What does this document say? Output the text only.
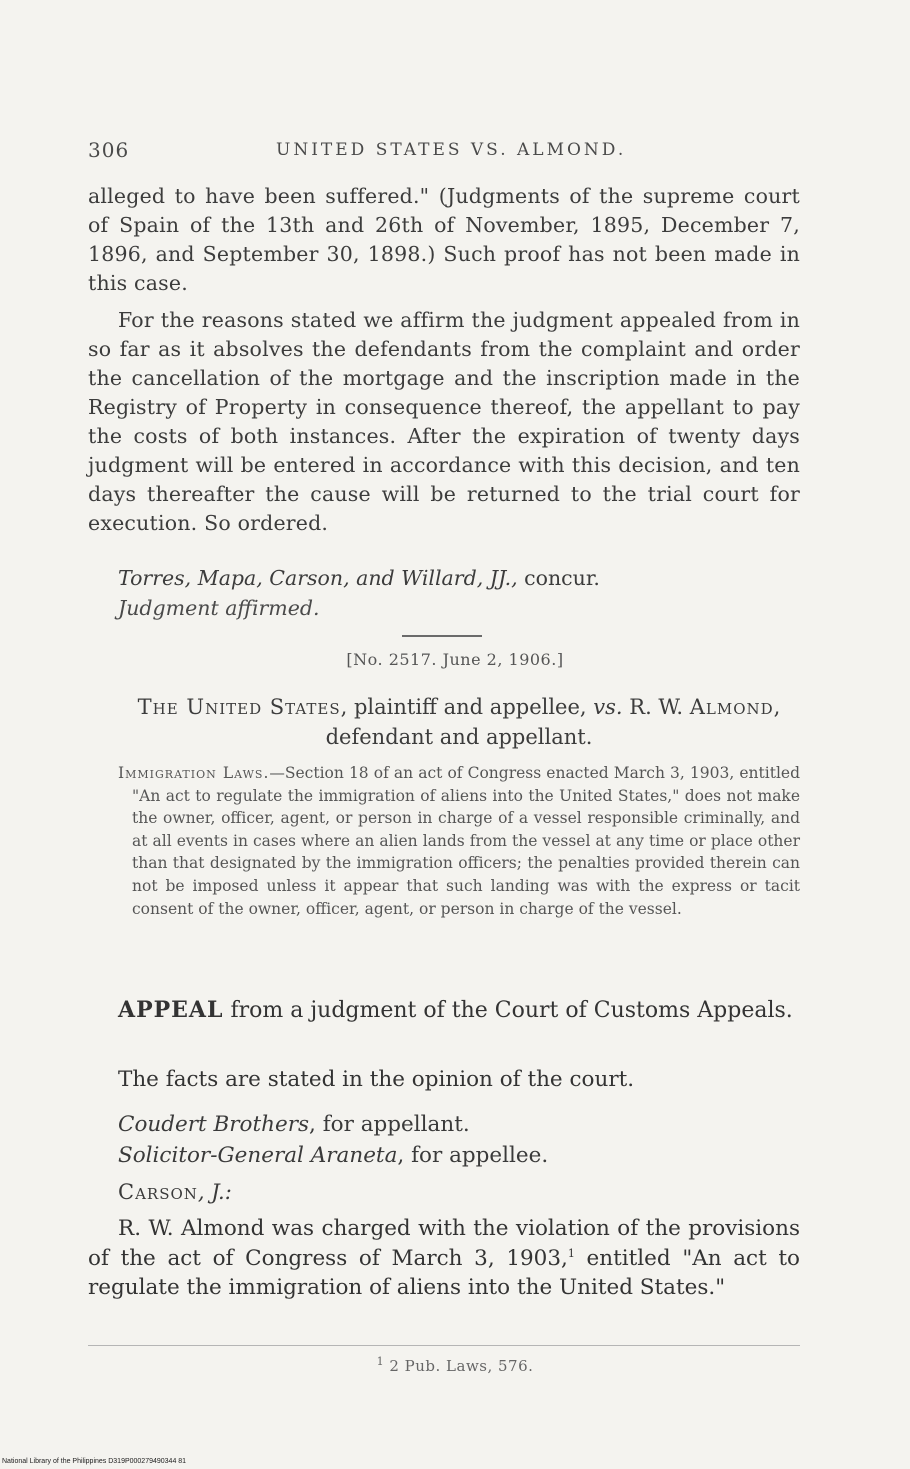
306	UNITED STATES VS. ALMOND.
alleged to have been suffered." (Judgments of the supreme court of Spain of the 13th and 26th of November, 1895, December 7, 1896, and September 30, 1898.) Such proof has not been made in this case.
For the reasons stated we affirm the judgment appealed from in so far as it absolves the defendants from the complaint and order the cancellation of the mortgage and the inscription made in the Registry of Property in consequence thereof, the appellant to pay the costs of both instances. After the expiration of twenty days judgment will be entered in accordance with this decision, and ten days thereafter the cause will be returned to the trial court for execution. So ordered.
Torres, Mapa, Carson, and Willard, JJ., concur.
Judgment affirmed.
[No. 2517. June 2, 1906.]
The United States, plaintiff and appellee, vs. R. W. Almond, defendant and appellant.
Immigration Laws.—Section 18 of an act of Congress enacted March 3, 1903, entitled "An act to regulate the immigration of aliens into the United States," does not make the owner, officer, agent, or person in charge of a vessel responsible criminally, and at all events in cases where an alien lands from the vessel at any time or place other than that designated by the immigration officers; the penalties provided therein can not be imposed unless it appear that such landing was with the express or tacit consent of the owner, officer, agent, or person in charge of the vessel.
APPEAL from a judgment of the Court of Customs Appeals.
The facts are stated in the opinion of the court.
Coudert Brothers, for appellant.
Solicitor-General Araneta, for appellee.
Carson, J.:
R. W. Almond was charged with the violation of the provisions of the act of Congress of March 3, 1903,$^1$ entitled "An act to regulate the immigration of aliens into the United States."
$^1$ 2 Pub. Laws, 576.
National Library of the Philippines D319P000279490344 81
